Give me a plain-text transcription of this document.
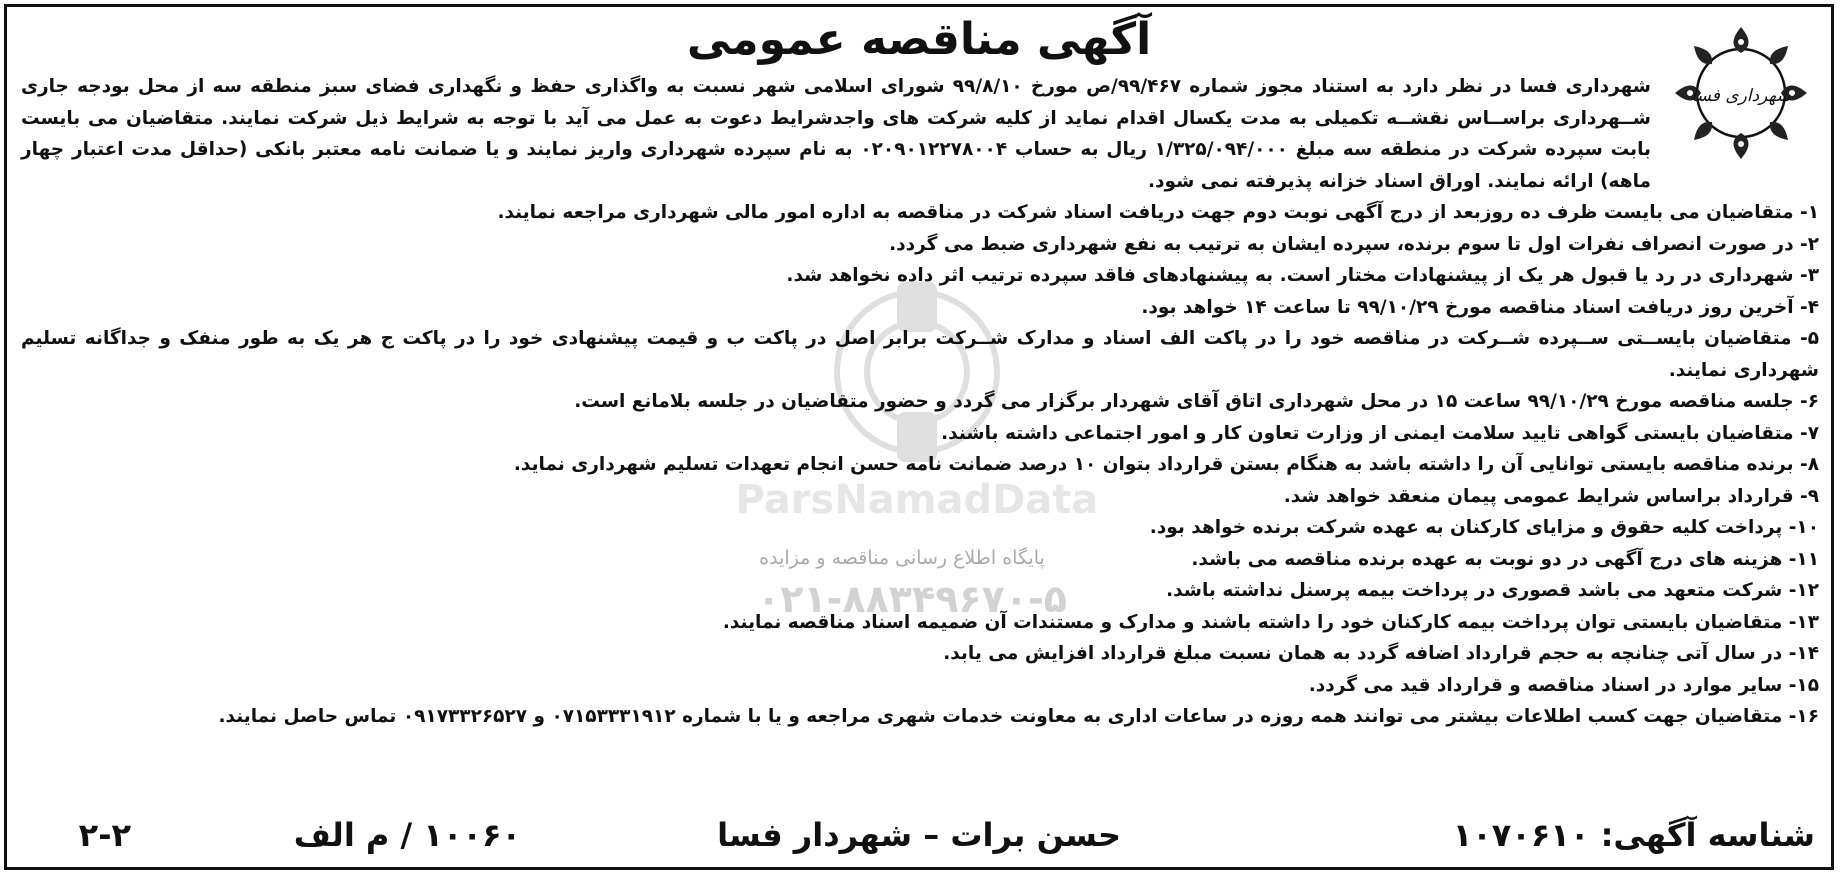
شهرداری فسا
آگهی مناقصه عمومی
ParsNamadData
پایگاه اطلاع رسانی مناقصه و مزایده
۰۲۱-۸۸۳۴۹۶۷۰-۵
شهرداری فسا در نظر دارد به استناد مجوز شماره ۹۹/۴۶۷/ص مورخ ۹۹/۸/۱۰ شورای اسلامی شهر نسبت به واگذاری حفظ و نگهداری فضای سبز منطقه سه از محل بودجه جاری شــهرداری براســاس نقشــه تکمیلی به مدت یکسال اقدام نماید از کلیه شرکت های واجدشرایط دعوت به عمل می آید با توجه به شرایط ذیل شرکت نمایند. متقاضیان می بایست بابت سپرده شرکت در منطقه سه مبلغ ۱/۳۲۵/۰۹۴/۰۰۰ ریال به حساب ۰۲۰۹۰۱۲۲۷۸۰۰۴ به نام سپرده شهرداری واریز نمایند و یا ضمانت نامه معتبر بانکی (حداقل مدت اعتبار چهار ماهه) ارائه نمایند. اوراق اسناد خزانه پذیرفته نمی شود.
۱- متقاضیان می بایست ظرف ده روزبعد از درج آگهی نوبت دوم جهت دریافت اسناد شرکت در مناقصه به اداره امور مالی شهرداری مراجعه نمایند.
۲- در صورت انصراف نفرات اول تا سوم برنده، سپرده ایشان به ترتیب به نفع شهرداری ضبط می گردد.
۳- شهرداری در رد یا قبول هر یک از پیشنهادات مختار است. به پیشنهادهای فاقد سپرده ترتیب اثر داده نخواهد شد.
۴- آخرین روز دریافت اسناد مناقصه مورخ ۹۹/۱۰/۲۹ تا ساعت ۱۴ خواهد بود.
۵- متقاضیان بایســتی ســپرده شــرکت در مناقصه خود را در پاکت الف اسناد و مدارک شــرکت برابر اصل در پاکت ب و قیمت پیشنهادی خود را در پاکت ج هر یک به طور منفک و جداگانه تسلیم شهرداری نمایند.
۶- جلسه مناقصه مورخ ۹۹/۱۰/۲۹ ساعت ۱۵ در محل شهرداری اتاق آقای شهردار برگزار می گردد و حضور متقاضیان در جلسه بلامانع است.
۷- متقاضیان بایستی گواهی تایید سلامت ایمنی از وزارت تعاون کار و امور اجتماعی داشته باشند.
۸- برنده مناقصه بایستی توانایی آن را داشته باشد به هنگام بستن قرارداد بتوان ۱۰ درصد ضمانت نامه حسن انجام تعهدات تسلیم شهرداری نماید.
۹- قرارداد براساس شرایط عمومی پیمان منعقد خواهد شد.
۱۰- پرداخت کلیه حقوق و مزایای کارکنان به عهده شرکت برنده خواهد بود.
۱۱- هزینه های درج آگهی در دو نوبت به عهده برنده مناقصه می باشد.
۱۲- شرکت متعهد می باشد قصوری در پرداخت بیمه پرسنل نداشته باشد.
۱۳- متقاضیان بایستی توان پرداخت بیمه کارکنان خود را داشته باشند و مدارک و مستندات آن ضمیمه اسناد مناقصه نمایند.
۱۴- در سال آتی چنانچه به حجم قرارداد اضافه گردد به همان نسبت مبلغ قرارداد افزایش می یابد.
۱۵- سایر موارد در اسناد مناقصه و قرارداد قید می گردد.
۱۶- متقاضیان جهت کسب اطلاعات بیشتر می توانند همه روزه در ساعات اداری به معاونت خدمات شهری مراجعه و یا با شماره ۰۷۱۵۳۳۳۱۹۱۲ و ۰۹۱۷۳۳۲۶۵۲۷ تماس حاصل نمایند.
شناسه آگهی: ۱۰۷۰۶۱۰
حسن برات – شهردار فسا
۱۰۰۶۰ / م الف
۲-۲
